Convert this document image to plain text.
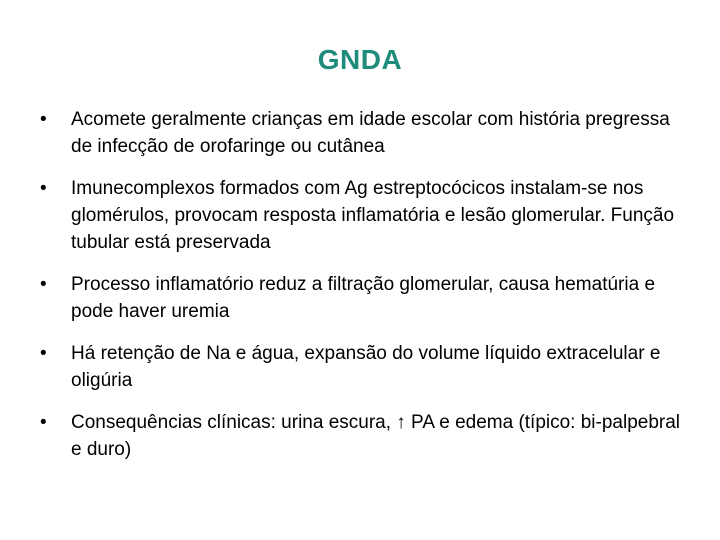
GNDA
• Acomete geralmente crianças em idade escolar com história pregressa de infecção de orofaringe ou cutânea
• Imunecomplexos formados com Ag estreptocócicos instalam-se nos glomérulos, provocam resposta inflamatória e lesão glomerular. Função tubular está preservada
• Processo inflamatório reduz a filtração glomerular, causa hematúria e pode haver uremia
• Há retenção de Na e água, expansão do volume líquido extracelular e oligúria
• Consequências clínicas: urina escura, ↑ PA e edema (típico: bi-palpebral e duro)
